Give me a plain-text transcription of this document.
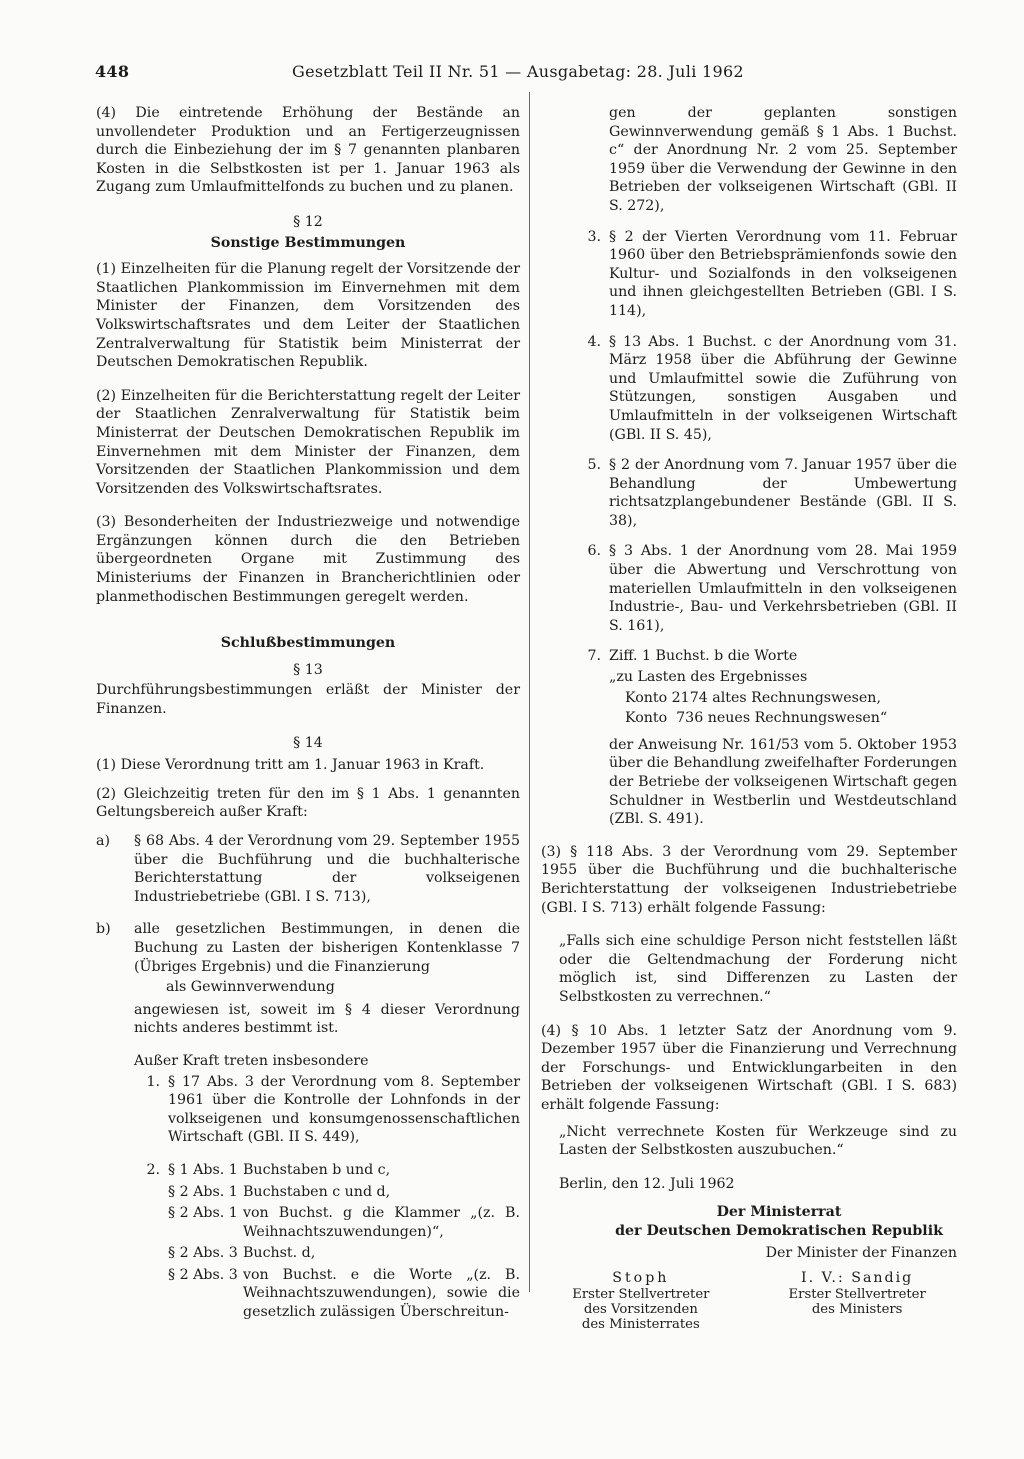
448	Gesetzblatt Teil II Nr. 51 — Ausgabetag: 28. Juli 1962

(4) Die eintretende Erhöhung der Bestände an unvollendeter Produktion und an Fertigerzeugnissen durch die Einbeziehung der im § 7 genannten planbaren Kosten in die Selbstkosten ist per 1. Januar 1963 als Zugang zum Umlaufmittelfonds zu buchen und zu planen.

§ 12
Sonstige Bestimmungen

(1) Einzelheiten für die Planung regelt der Vorsitzende der Staatlichen Plankommission im Einvernehmen mit dem Minister der Finanzen, dem Vorsitzenden des Volkswirtschaftsrates und dem Leiter der Staatlichen Zentralverwaltung für Statistik beim Ministerrat der Deutschen Demokratischen Republik.

(2) Einzelheiten für die Berichterstattung regelt der Leiter der Staatlichen Zenralverwaltung für Statistik beim Ministerrat der Deutschen Demokratischen Republik im Einvernehmen mit dem Minister der Finanzen, dem Vorsitzenden der Staatlichen Plankommission und dem Vorsitzenden des Volkswirtschaftsrates.

(3) Besonderheiten der Industriezweige und notwendige Ergänzungen können durch die den Betrieben übergeordneten Organe mit Zustimmung des Ministeriums der Finanzen in Brancherichtlinien oder planmethodischen Bestimmungen geregelt werden.

Schlußbestimmungen
§ 13

Durchführungsbestimmungen erläßt der Minister der Finanzen.

§ 14

(1) Diese Verordnung tritt am 1. Januar 1963 in Kraft.

(2) Gleichzeitig treten für den im § 1 Abs. 1 genannten Geltungsbereich außer Kraft:

a)	§ 68 Abs. 4 der Verordnung vom 29. September 1955 über die Buchführung und die buchhalterische Berichterstattung der volkseigenen Industriebetriebe (GBl. I S. 713),
b)	alle gesetzlichen Bestimmungen, in denen die Buchung zu Lasten der bisherigen Kontenklasse 7 (Übriges Ergebnis) und die Finanzierung
als Gewinnverwendung
angewiesen ist, soweit im § 4 dieser Verordnung nichts anderes bestimmt ist.
Außer Kraft treten insbesondere
1. § 17 Abs. 3 der Verordnung vom 8. September 1961 über die Kontrolle der Lohnfonds in der volkseigenen und konsumgenossenschaftlichen Wirtschaft (GBl. II S. 449),
2. § 1 Abs. 1 Buchstaben b und c,
§ 2 Abs. 1 Buchstaben c und d,
§ 2 Abs. 1 von Buchst. g die Klammer „(z. B. Weihnachtszuwendungen)“,
§ 2 Abs. 3 Buchst. d,
§ 2 Abs. 3 von Buchst. e die Worte „(z. B. Weihnachtszuwendungen), sowie die gesetzlich zulässigen Überschreitun-
gen der geplanten sonstigen Gewinnverwendung gemäß § 1 Abs. 1 Buchst. c“ der Anordnung Nr. 2 vom 25. September 1959 über die Verwendung der Gewinne in den Betrieben der volkseigenen Wirtschaft (GBl. II S. 272),
3. § 2 der Vierten Verordnung vom 11. Februar 1960 über den Betriebsprämienfonds sowie den Kultur- und Sozialfonds in den volkseigenen und ihnen gleichgestellten Betrieben (GBl. I S. 114),
4. § 13 Abs. 1 Buchst. c der Anordnung vom 31. März 1958 über die Abführung der Gewinne und Umlaufmittel sowie die Zuführung von Stützungen, sonstigen Ausgaben und Umlaufmitteln in der volkseigenen Wirtschaft (GBl. II S. 45),
5. § 2 der Anordnung vom 7. Januar 1957 über die Behandlung der Umbewertung richtsatzplangebundener Bestände (GBl. II S. 38),
6. § 3 Abs. 1 der Anordnung vom 28. Mai 1959 über die Abwertung und Verschrottung von materiellen Umlaufmitteln in den volkseigenen Industrie-, Bau- und Verkehrsbetrieben (GBl. II S. 161),
7. Ziff. 1 Buchst. b die Worte
„zu Lasten des Ergebnisses
Konto 2174 altes Rechnungswesen,
Konto  736 neues Rechnungswesen“
der Anweisung Nr. 161/53 vom 5. Oktober 1953 über die Behandlung zweifelhafter Forderungen der Betriebe der volkseigenen Wirtschaft gegen Schuldner in Westberlin und Westdeutschland (ZBl. S. 491).

(3) § 118 Abs. 3 der Verordnung vom 29. September 1955 über die Buchführung und die buchhalterische Berichterstattung der volkseigenen Industriebetriebe (GBl. I S. 713) erhält folgende Fassung:

„Falls sich eine schuldige Person nicht feststellen läßt oder die Geltendmachung der Forderung nicht möglich ist, sind Differenzen zu Lasten der Selbstkosten zu verrechnen.“

(4) § 10 Abs. 1 letzter Satz der Anordnung vom 9. Dezember 1957 über die Finanzierung und Verrechnung der Forschungs- und Entwicklungarbeiten in den Betrieben der volkseigenen Wirtschaft (GBl. I S. 683) erhält folgende Fassung:

„Nicht verrechnete Kosten für Werkzeuge sind zu Lasten der Selbstkosten auszubuchen.“

Berlin, den 12. Juli 1962
Der Ministerrat
der Deutschen Demokratischen Republik
Der Minister der Finanzen
Stoph
Erster Stellvertreter
des Vorsitzenden
des Ministerrates
I. V.: Sandig
Erster Stellvertreter
des Ministers
